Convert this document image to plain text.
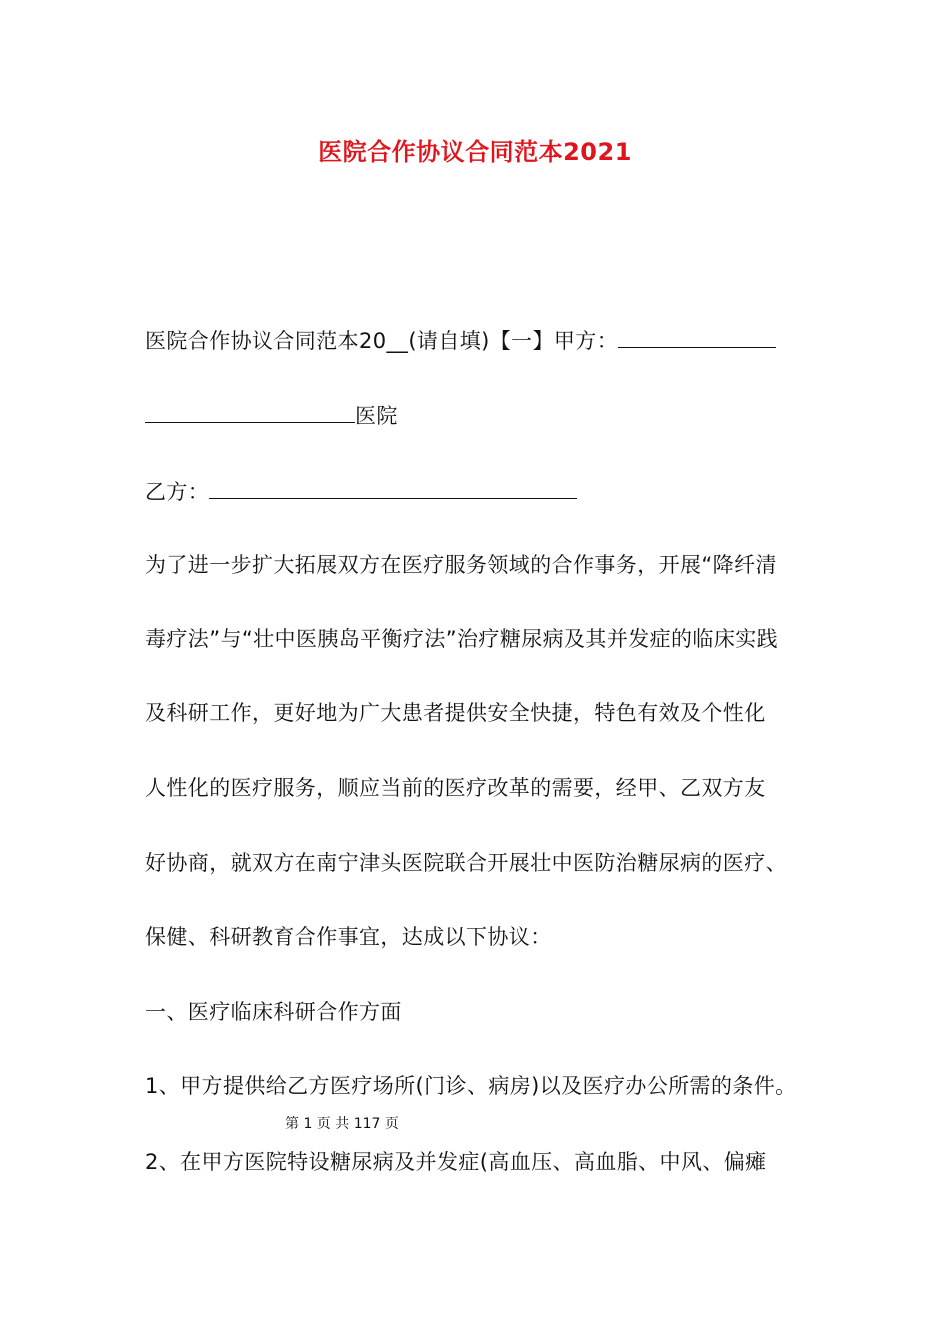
医院合作协议合同范本2021
医院合作协议合同范本20__(请自填)【一】甲方：
医院
乙方：
为了进一步扩大拓展双方在医疗服务领域的合作事务，开展“降纤清
毒疗法”与“壮中医胰岛平衡疗法”治疗糖尿病及其并发症的临床实践
及科研工作，更好地为广大患者提供安全快捷，特色有效及个性化
人性化的医疗服务，顺应当前的医疗改革的需要，经甲、乙双方友
好协商，就双方在南宁津头医院联合开展壮中医防治糖尿病的医疗、
保健、科研教育合作事宜，达成以下协议：
一、医疗临床科研合作方面
1、甲方提供给乙方医疗场所(门诊、病房)以及医疗办公所需的条件。
第 1 页 共 117 页
2、在甲方医院特设糖尿病及并发症(高血压、高血脂、中风、偏瘫
